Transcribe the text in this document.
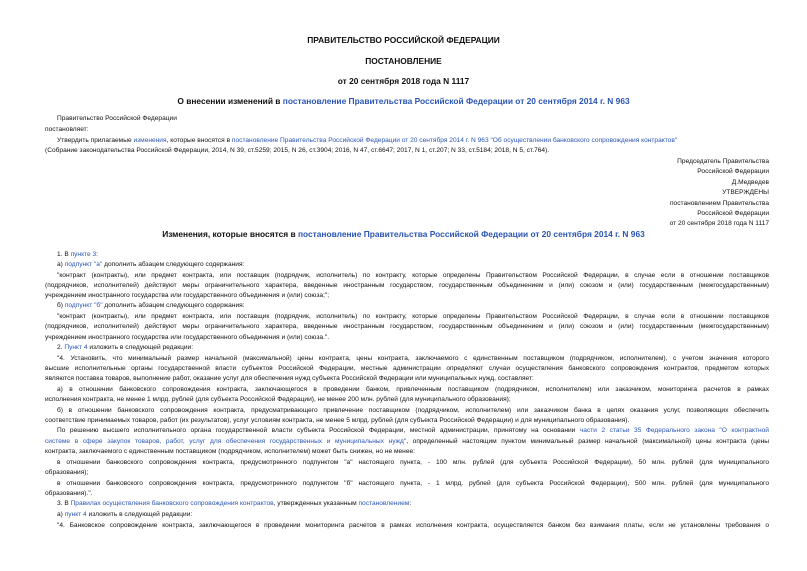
ПРАВИТЕЛЬСТВО РОССИЙСКОЙ ФЕДЕРАЦИИ
ПОСТАНОВЛЕНИЕ
от 20 сентября 2018 года N 1117
О внесении изменений в постановление Правительства Российской Федерации от 20 сентября 2014 г. N 963
Правительство Российской Федерации
постановляет:
Утвердить прилагаемые изменения, которые вносятся в постановление Правительства Российской Федерации от 20 сентября 2014 г. N 963 "Об осуществлении банковского сопровождения контрактов"
(Собрание законодательства Российской Федерации, 2014, N 39, ст.5259; 2015, N 26, ст.3904; 2016, N 47, ст.6647; 2017, N 1, ст.207; N 33, ст.5184; 2018, N 5, ст.764).
Председатель Правительства
Российской Федерации
Д.Медведев
УТВЕРЖДЕНЫ
постановлением Правительства
Российской Федерации
от 20 сентября 2018 года N 1117
Изменения, которые вносятся в постановление Правительства Российской Федерации от 20 сентября 2014 г. N 963
1. В пункте 3:
а) подпункт "а" дополнить абзацем следующего содержания:
"контракт (контракты), или предмет контракта, или поставщик (подрядчик, исполнитель) по контракту, которые определены Правительством Российской Федерации, в случае если в отношении поставщиков
(подрядчиков, исполнителей) действуют меры ограничительного характера, введенные иностранным государством, государственным объединением и (или) союзом и (или) государственным (межгосударственным)
учреждением иностранного государства или государственного объединения и (или) союза;";
б) подпункт "б" дополнить абзацем следующего содержания:
"контракт (контракты), или предмет контракта, или поставщик (подрядчик, исполнитель) по контракту, которые определены Правительством Российской Федерации, в случае если в отношении поставщиков
(подрядчиков, исполнителей) действуют меры ограничительного характера, введенные иностранным государством, государственным объединением и (или) союзом и (или) государственным (межгосударственным)
учреждением иностранного государства или государственного объединения и (или) союза.".
2. Пункт 4 изложить в следующей редакции:
"4. Установить, что минимальный размер начальной (максимальной) цены контракта, цены контракта, заключаемого с единственным поставщиком (подрядчиком, исполнителем), с учетом значения которого
высшие исполнительные органы государственной власти субъектов Российской Федерации, местные администрации определяют случаи осуществления банковского сопровождения контрактов, предметом которых
являются поставка товаров, выполнение работ, оказание услуг для обеспечения нужд субъекта Российской Федерации или муниципальных нужд, составляет:
а) в отношении банковского сопровождения контракта, заключающегося в проведении банком, привлеченным поставщиком (подрядчиком, исполнителем) или заказчиком, мониторинга расчетов в рамках
исполнения контракта, не менее 1 млрд. рублей (для субъекта Российской Федерации), не менее 200 млн. рублей (для муниципального образования);
б) в отношении банковского сопровождения контракта, предусматривающего привлечение поставщиком (подрядчиком, исполнителем) или заказчиком банка в целях оказания услуг, позволяющих обеспечить
соответствие принимаемых товаров, работ (их результатов), услуг условиям контракта, не менее 5 млрд. рублей (для субъекта Российской Федерации) и для муниципального образования).
По решению высшего исполнительного органа государственной власти субъекта Российской Федерации, местной администрации, принятому на основании части 2 статьи 35 Федерального закона "О контрактной
системе в сфере закупок товаров, работ, услуг для обеспечения государственных и муниципальных нужд", определенный настоящим пунктом минимальный размер начальной (максимальной) цены контракта (цены
контракта, заключаемого с единственным поставщиком (подрядчиком, исполнителем) может быть снижен, но не менее:
в отношении банковского сопровождения контракта, предусмотренного подпунктом "а" настоящего пункта, - 100 млн. рублей (для субъекта Российской Федерации), 50 млн. рублей (для муниципального
образования);
в отношении банковского сопровождения контракта, предусмотренного подпунктом "б" настоящего пункта, - 1 млрд. рублей (для субъекта Российской Федерации), 500 млн. рублей (для муниципального
образования).".
3. В Правилах осуществления банковского сопровождения контрактов, утвержденных указанным постановлением:
а) пункт 4 изложить в следующей редакции:
"4. Банковское сопровождение контракта, заключающегося в проведении мониторинга расчетов в рамках исполнения контракта, осуществляется банком без взимания платы, если не установлены требования о
